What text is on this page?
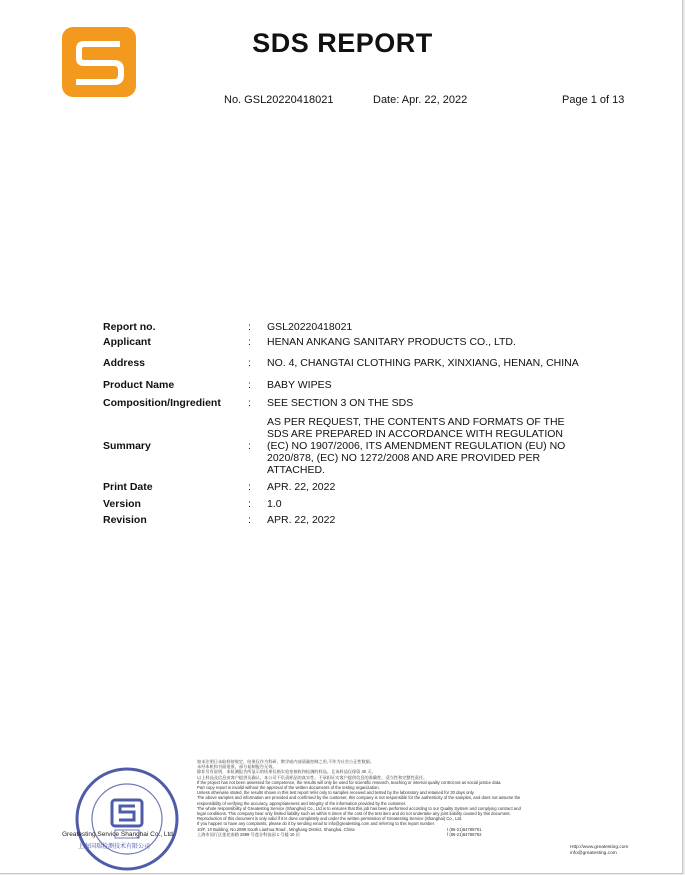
SDS REPORT
No. GSL20220418021	Date: Apr. 22, 2022	Page 1 of 13
Report no.	:	GSL20220418021
Applicant	:	HENAN ANKANG SANITARY PRODUCTS CO., LTD.
Address	:	NO. 4, CHANGTAI CLOTHING PARK, XINXIANG, HENAN, CHINA
Product Name	:	BABY WIPES
Composition/Ingredient	:	SEE SECTION 3 ON THE SDS
Summary	:	AS PER REQUEST, THE CONTENTS AND FORMATS OF THE SDS ARE PREPARED IN ACCORDANCE WITH REGULATION (EC) NO 1907/2006, ITS AMENDMENT REGULATION (EU) NO 2020/878, (EC) NO 1272/2008 AND ARE PROVIDED PER ATTACHED.
Print Date	:	APR. 22, 2022
Version	:	1.0
Revision	:	APR. 22, 2022
Greatesting Service Shanghai Co., Ltd.
上海国瑞检测技术有限公司
如未注明日未取样按规定，结果仅作为科研、教学或内部质量控制之用,不作为社会公正性数据。
未经本机构书面批准，部分复制报告无效。
除非另有说明，本检测报告所显示的结果仅指实验室接收和检测的样品。且该样品仅保留 30 天。
以上样品及信息由客户提供及确认，本公司不负责样品的真实性。不承担证实客户提供信息的准确性。适当性和完整性责任。
If the project has not been assessed for competence, the results will only be used for scientific research, teaching or internal quality control,not as social justice data.
Part copy report is invalid without the approval of the written documents of the testing organization.
Unless otherwise stated, the results shown in this test report refer only to samples received and tested by the laboratory and retained for 30 days only.
The above samples and information are provided and confirmed by the customer, this company is not responsible for the authenticity of the samples, and does not assume the
responsibility of verifying the accuracy, appropriateness and integrity of the information provided by the customer.
The whole responsibility of Greatesting Service (Shanghai) Co., Ltd is to ensures that this job has been performed according to our Quality System and complying contract and
legal conditions. This company bear only limited liability such as within 5 times of the cost of the test item and do not undertake any joint liability caused by this document.
Reproduction of this document is only valid if it is done completely and under the written permission of Greatesting Service (Shanghai) Co., Ltd.
If you happen to have any complaints, please do it by sending email to info@greatesting.com and referring to this report number.
10/F, 1# Building, No.2899 South Lianhua Road , Minghang District, Shanghai, China	t (86-21)64788791
上海市闵行区莲花南路 2899 号莲谷科技园 1 号楼 10 层	f (86-21)64788792
Http://www.greatesting.com
info@greatesting.com
